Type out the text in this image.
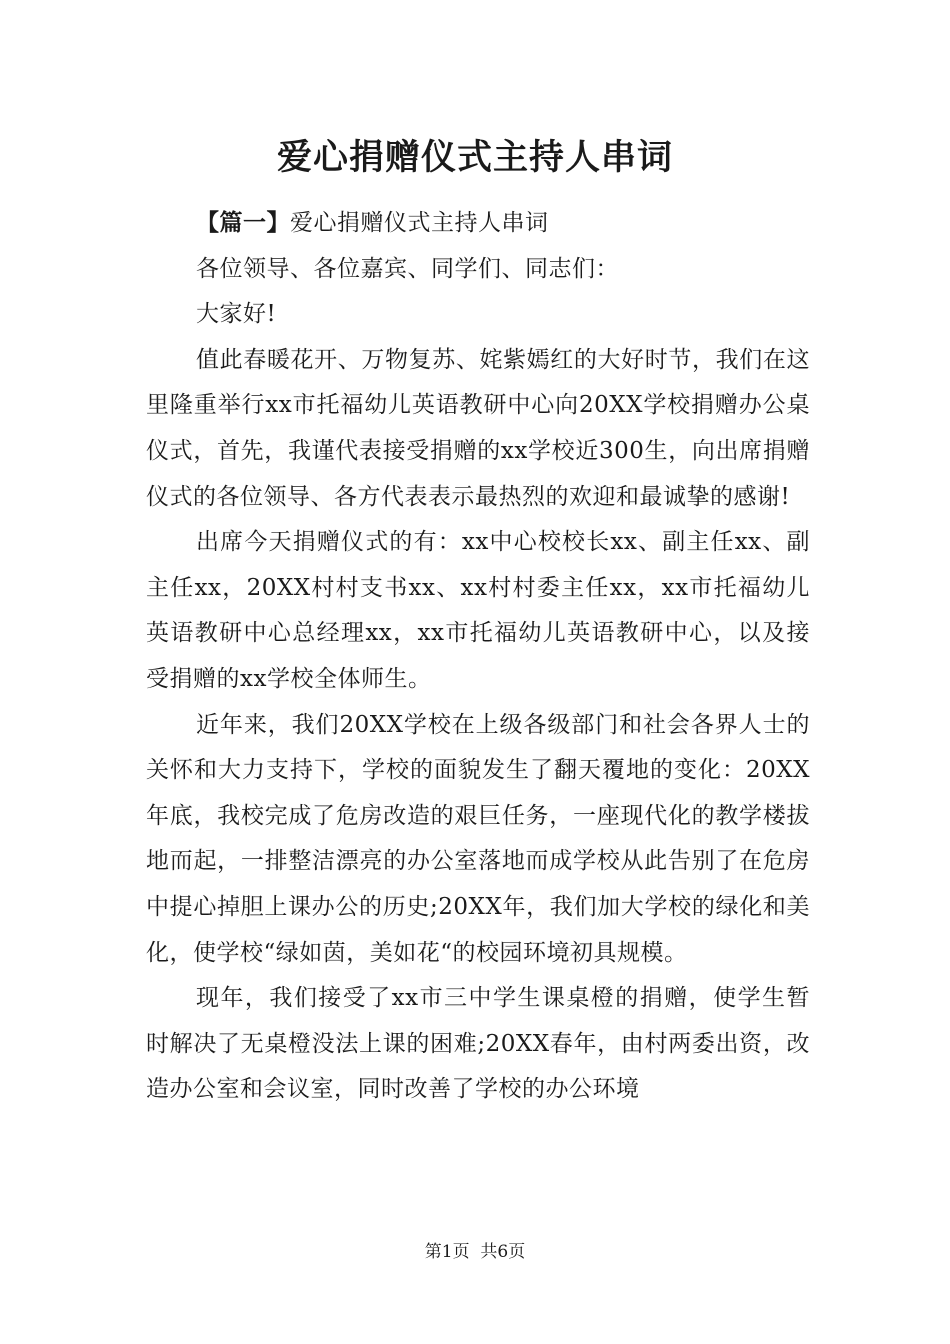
爱心捐赠仪式主持人串词

【篇一】爱心捐赠仪式主持人串词

各位领导、各位嘉宾、同学们、同志们：

大家好!

值此春暖花开、万物复苏、姹紫嫣红的大好时节，我们在这里隆重举行xx市托福幼儿英语教研中心向20XX学校捐赠办公桌仪式，首先，我谨代表接受捐赠的xx学校近300生，向出席捐赠仪式的各位领导、各方代表表示最热烈的欢迎和最诚挚的感谢!

出席今天捐赠仪式的有：xx中心校校长xx、副主任xx、副主任xx，20XX村村支书xx、xx村村委主任xx，xx市托福幼儿英语教研中心总经理xx，xx市托福幼儿英语教研中心，以及接受捐赠的xx学校全体师生。

近年来，我们20XX学校在上级各级部门和社会各界人士的关怀和大力支持下，学校的面貌发生了翻天覆地的变化：20XX年底，我校完成了危房改造的艰巨任务，一座现代化的教学楼拔地而起，一排整洁漂亮的办公室落地而成学校从此告别了在危房中提心掉胆上课办公的历史;20XX年，我们加大学校的绿化和美化，使学校“绿如茵，美如花“的校园环境初具规模。

现年，我们接受了xx市三中学生课桌橙的捐赠，使学生暂时解决了无桌橙没法上课的困难;20XX春年，由村两委出资，改造办公室和会议室，同时改善了学校的办公环境

第1页 共6页
